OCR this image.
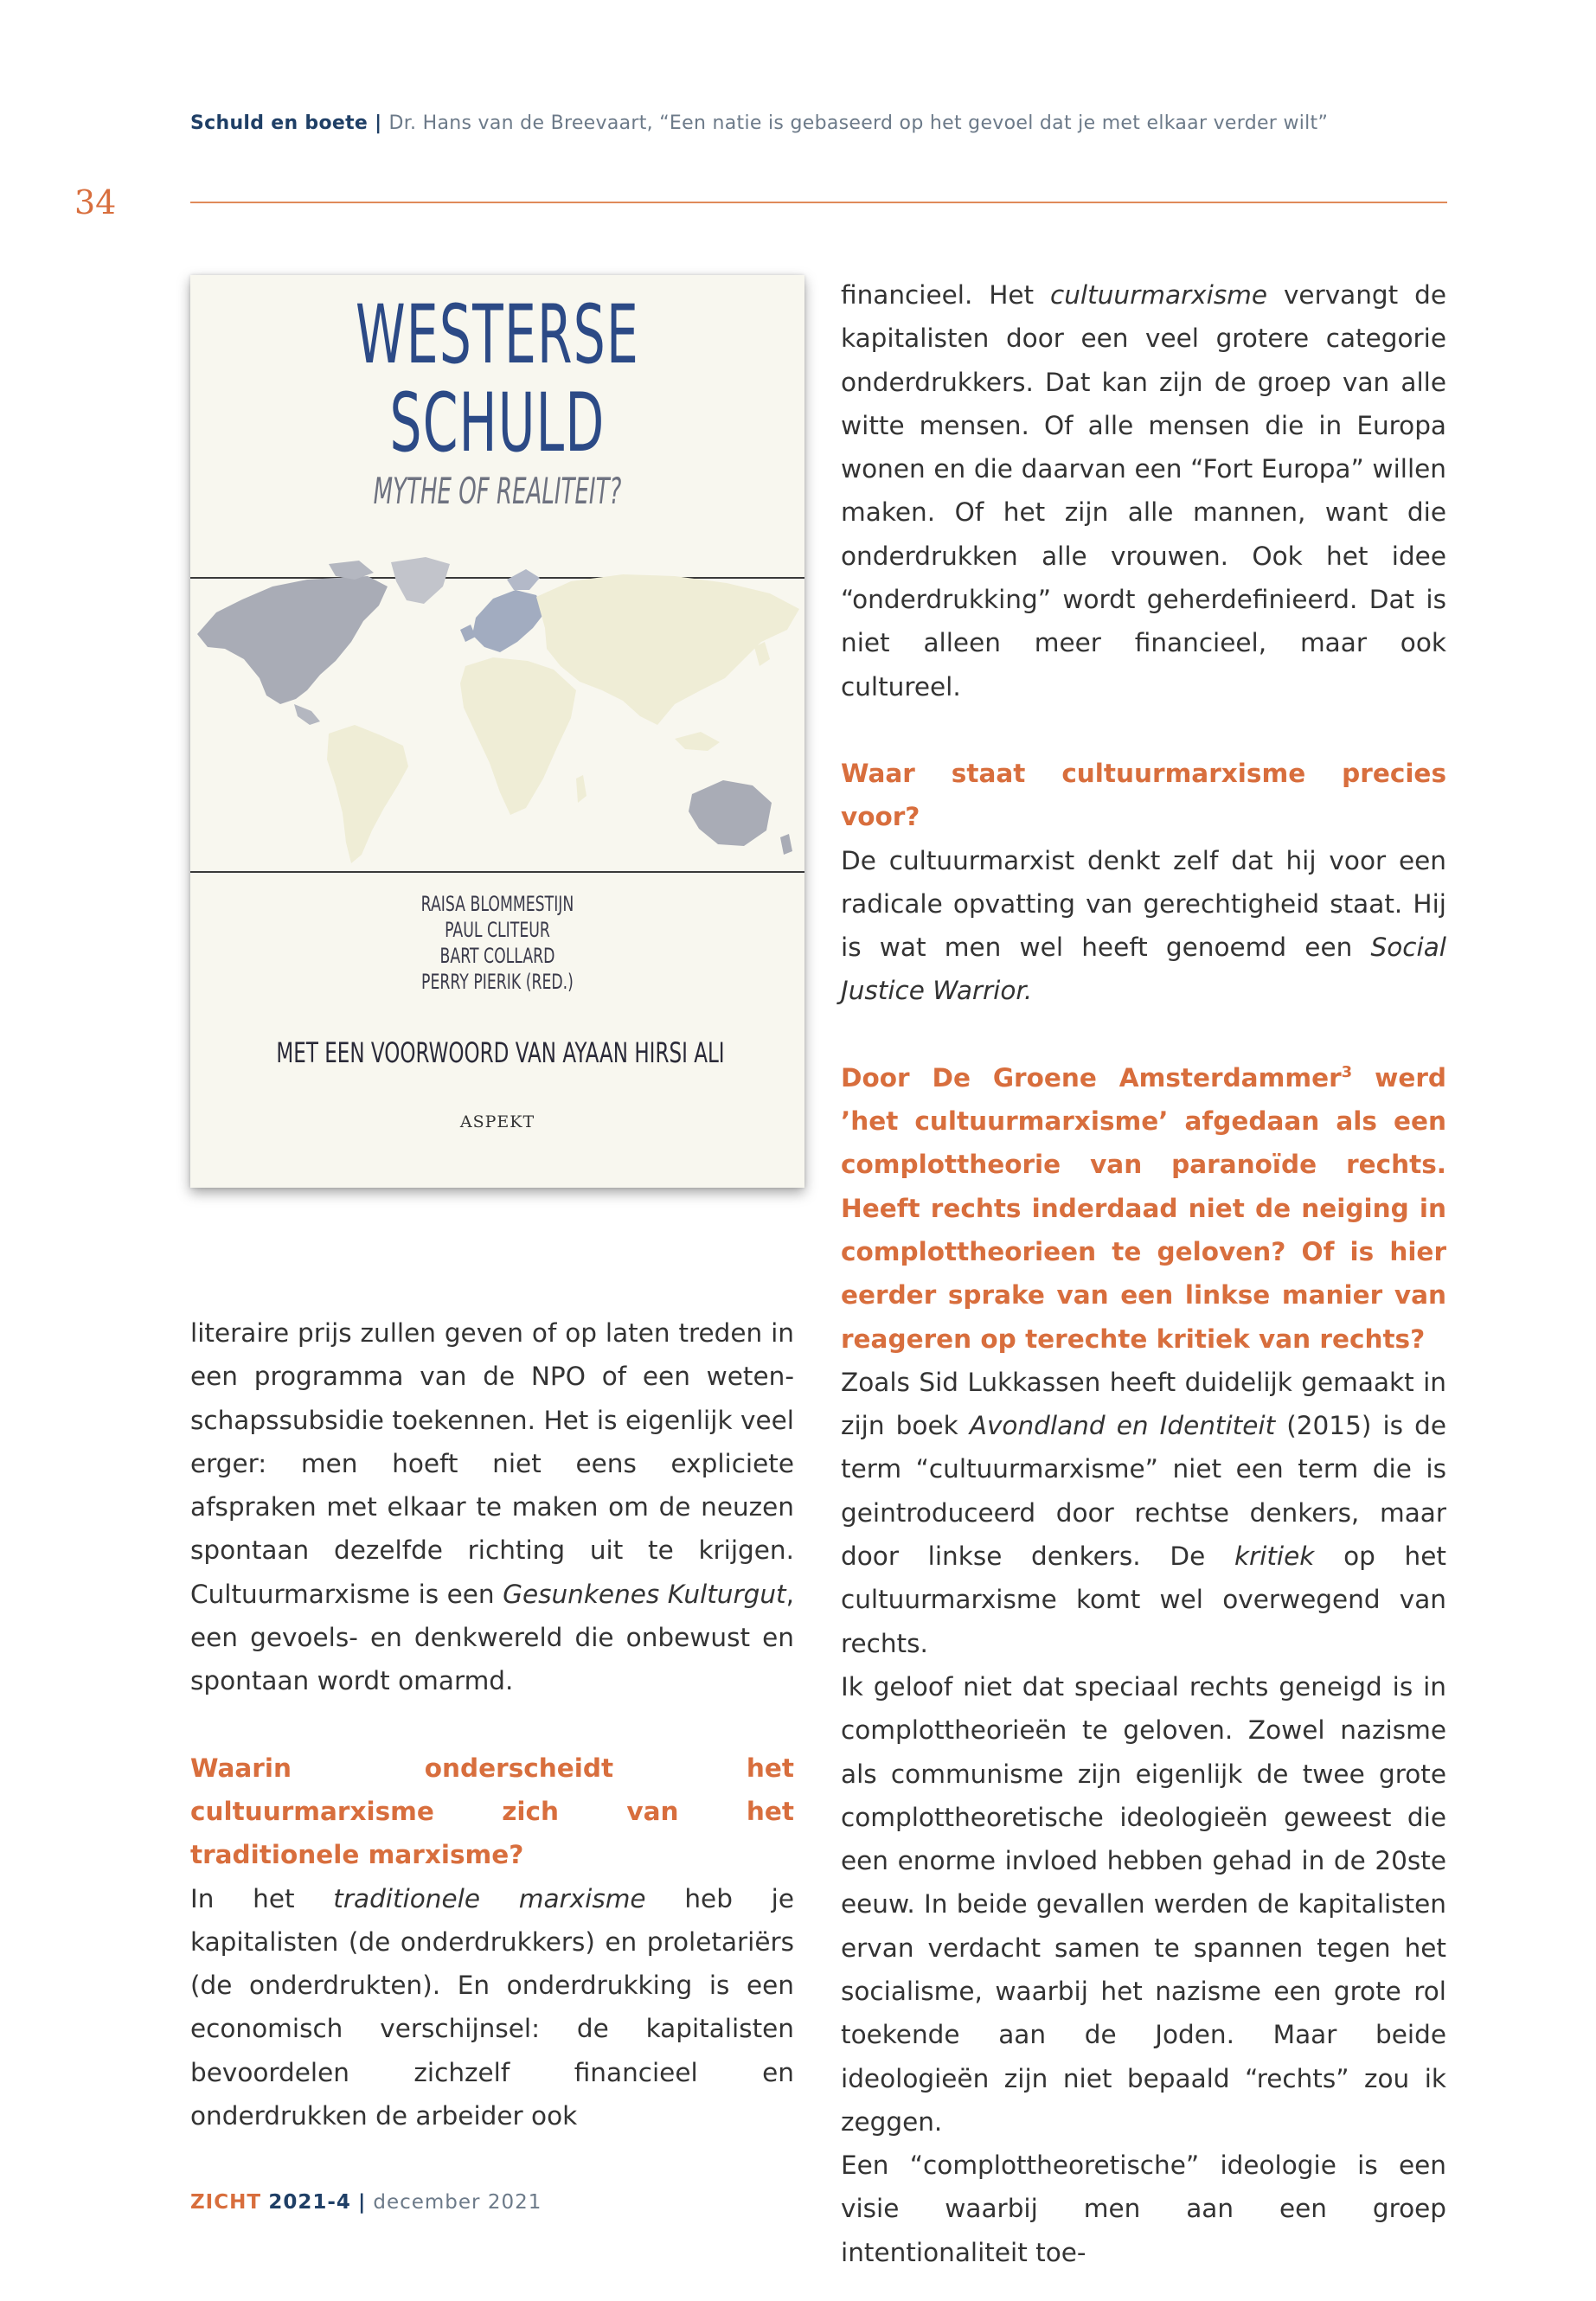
Schuld en boete | Dr. Hans van de Breevaart, “Een natie is gebaseerd op het gevoel dat je met elkaar verder wilt”
34
WESTERSE
SCHULD
MYTHE OF REALITEIT?
RAISA BLOMMESTIJN
PAUL CLITEUR
BART COLLARD
PERRY PIERIK (RED.)
MET EEN VOORWOORD VAN AYAAN HIRSI ALI
ASPEKT

literaire prijs zullen geven of op laten treden in een programma van de NPO of een wetenschapssubsidie toekennen. Het is eigenlijk veel erger: men hoeft niet eens expliciete afspraken met elkaar te maken om de neuzen spontaan dezelfde richting uit te krijgen. Cultuurmarxisme is een Gesunkenes Kulturgut, een gevoels- en denkwereld die onbewust en spontaan wordt omarmd.

Waarin onderscheidt het cultuurmarxisme zich van het traditionele marxisme?

In het traditionele marxisme heb je kapitalisten (de onderdrukkers) en proletariërs (de onderdrukten). En onderdrukking is een economisch verschijnsel: de kapitalisten bevoordelen zichzelf financieel en onderdrukken de arbeider ook

financieel. Het cultuurmarxisme vervangt de kapitalisten door een veel grotere categorie onderdrukkers. Dat kan zijn de groep van alle witte mensen. Of alle mensen die in Europa wonen en die daarvan een “Fort Europa” willen maken. Of het zijn alle mannen, want die onderdrukken alle vrouwen. Ook het idee “onderdrukking” wordt geherdefinieerd. Dat is niet alleen meer financieel, maar ook cultureel.

Waar staat cultuurmarxisme precies voor?

De cultuurmarxist denkt zelf dat hij voor een radicale opvatting van gerechtigheid staat. Hij is wat men wel heeft genoemd een Social Justice Warrior.

Door De Groene Amsterdammer$^3$ werd ’het cultuurmarxisme’ afgedaan als een complottheorie van paranoïde rechts. Heeft rechts inderdaad niet de neiging in complottheorieen te geloven? Of is hier eerder sprake van een linkse manier van reageren op terechte kritiek van rechts?

Zoals Sid Lukkassen heeft duidelijk gemaakt in zijn boek Avondland en Identiteit (2015) is de term “cultuurmarxisme” niet een term die is geintroduceerd door rechtse denkers, maar door linkse denkers. De kritiek op het cultuurmarxisme komt wel overwegend van rechts.

Ik geloof niet dat speciaal rechts geneigd is in complottheorieën te geloven. Zowel nazisme als communisme zijn eigenlijk de twee grote complottheoretische ideologieën geweest die een enorme invloed hebben gehad in de 20ste eeuw. In beide gevallen werden de kapitalisten ervan verdacht samen te spannen tegen het socialisme, waarbij het nazisme een grote rol toekende aan de Joden. Maar beide ideologieën zijn niet bepaald “rechts” zou ik zeggen.

Een “complottheoretische” ideologie is een visie waarbij men aan een groep intentionaliteit toe-

ZICHT 2021-4 | december 2021
